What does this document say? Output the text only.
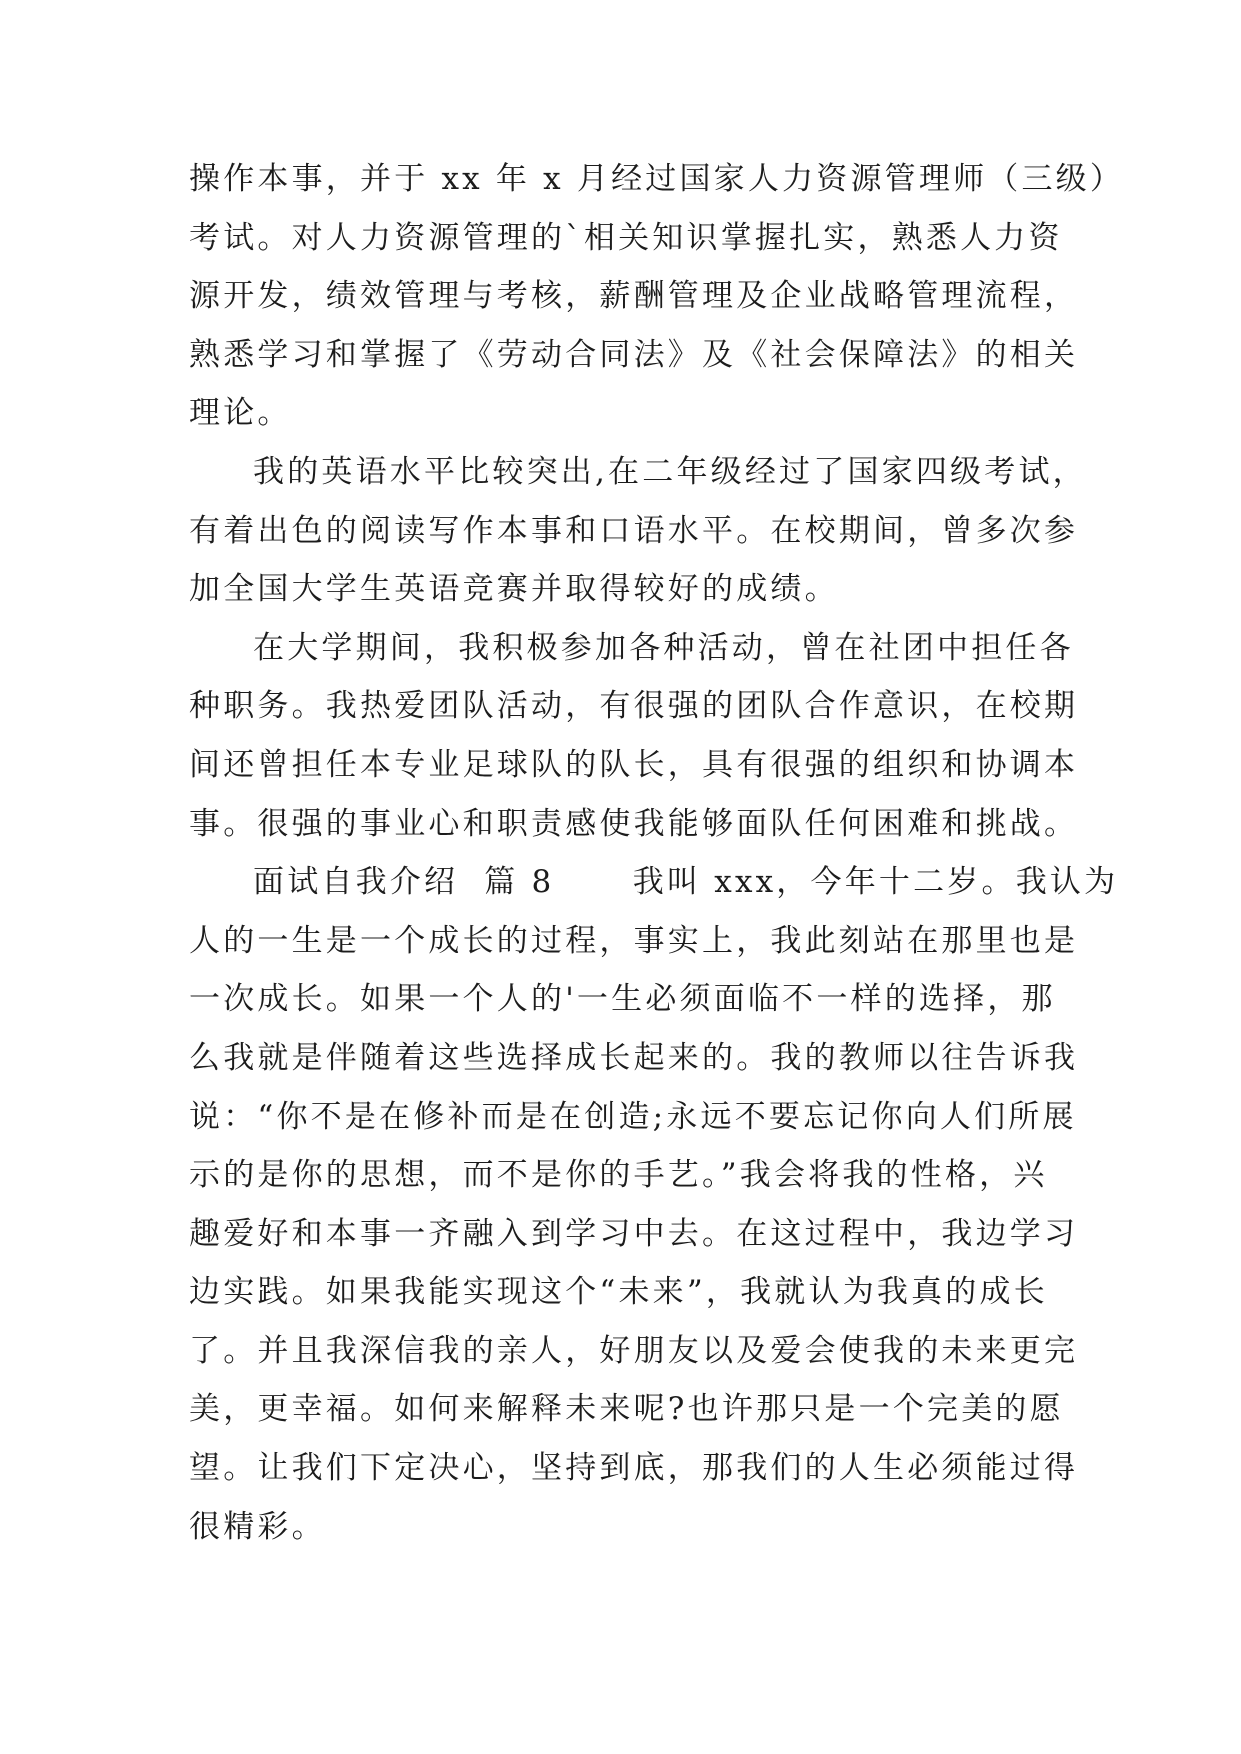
操作本事，并于 xx 年 x 月经过国家人力资源管理师（三级）
考试。对人力资源管理的`相关知识掌握扎实，熟悉人力资
源开发，绩效管理与考核，薪酬管理及企业战略管理流程，
熟悉学习和掌握了《劳动合同法》及《社会保障法》的相关
理论。
我的英语水平比较突出,在二年级经过了国家四级考试，
有着出色的阅读写作本事和口语水平。在校期间，曾多次参
加全国大学生英语竞赛并取得较好的成绩。
在大学期间，我积极参加各种活动，曾在社团中担任各
种职务。我热爱团队活动，有很强的团队合作意识，在校期
间还曾担任本专业足球队的队长，具有很强的组织和协调本
事。很强的事业心和职责感使我能够面队任何困难和挑战。
面试自我介绍  篇 8      我叫 xxx，今年十二岁。我认为
人的一生是一个成长的过程，事实上，我此刻站在那里也是
一次成长。如果一个人的'一生必须面临不一样的选择，那
么我就是伴随着这些选择成长起来的。我的教师以往告诉我
说：“你不是在修补而是在创造;永远不要忘记你向人们所展
示的是你的思想，而不是你的手艺。”我会将我的性格，兴
趣爱好和本事一齐融入到学习中去。在这过程中，我边学习
边实践。如果我能实现这个“未来”，我就认为我真的成长
了。并且我深信我的亲人，好朋友以及爱会使我的未来更完
美，更幸福。如何来解释未来呢?也许那只是一个完美的愿
望。让我们下定决心，坚持到底，那我们的人生必须能过得
很精彩。
